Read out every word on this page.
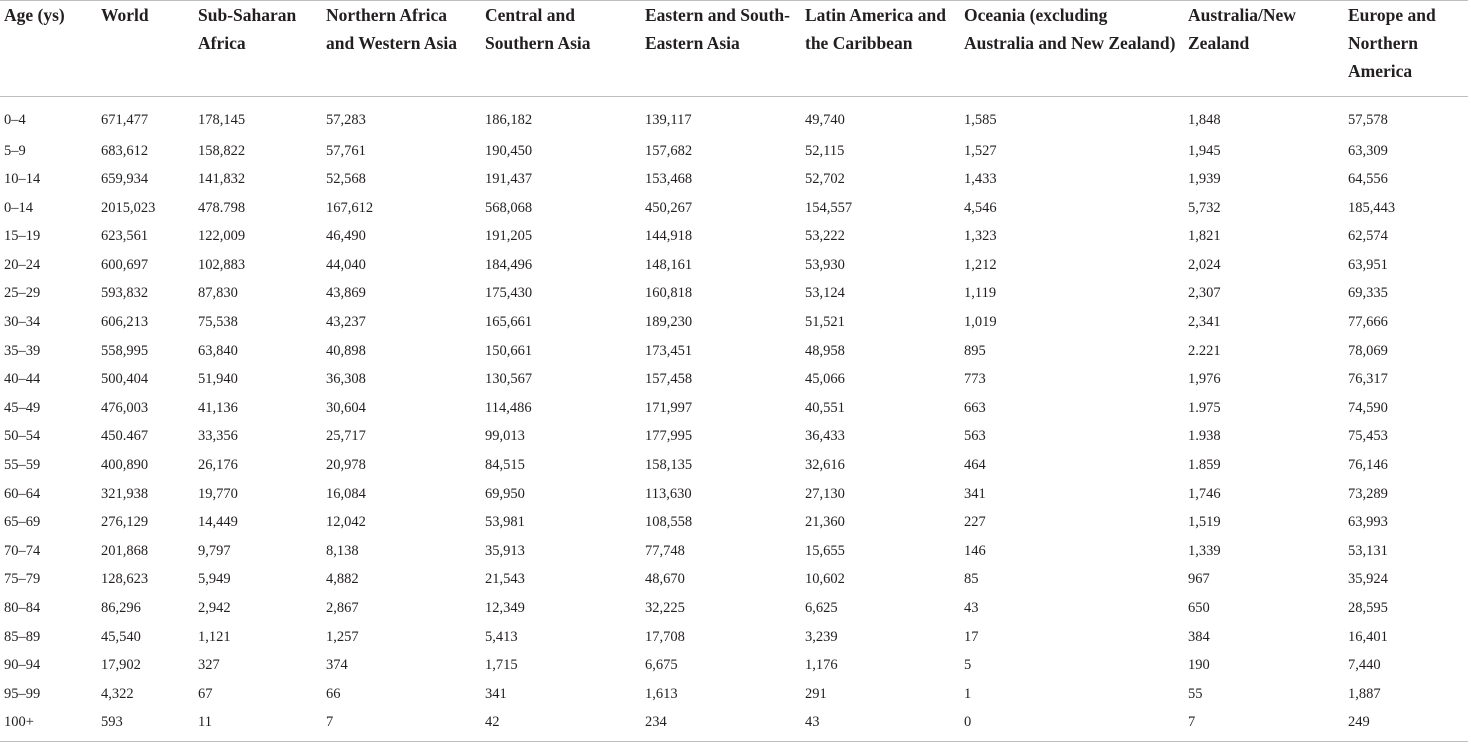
Age (ys)	World	Sub-Saharan Africa	Northern Africa and Western Asia	Central and Southern Asia	Eastern and South-Eastern Asia	Latin America and the Caribbean	Oceania (excluding Australia and New Zealand)	Australia/New Zealand	Europe and Northern America
0–4	671,477	178,145	57,283	186,182	139,117	49,740	1,585	1,848	57,578
5–9	683,612	158,822	57,761	190,450	157,682	52,115	1,527	1,945	63,309
10–14	659,934	141,832	52,568	191,437	153,468	52,702	1,433	1,939	64,556
0–14	2015,023	478.798	167,612	568,068	450,267	154,557	4,546	5,732	185,443
15–19	623,561	122,009	46,490	191,205	144,918	53,222	1,323	1,821	62,574
20–24	600,697	102,883	44,040	184,496	148,161	53,930	1,212	2,024	63,951
25–29	593,832	87,830	43,869	175,430	160,818	53,124	1,119	2,307	69,335
30–34	606,213	75,538	43,237	165,661	189,230	51,521	1,019	2,341	77,666
35–39	558,995	63,840	40,898	150,661	173,451	48,958	895	2.221	78,069
40–44	500,404	51,940	36,308	130,567	157,458	45,066	773	1,976	76,317
45–49	476,003	41,136	30,604	114,486	171,997	40,551	663	1.975	74,590
50–54	450.467	33,356	25,717	99,013	177,995	36,433	563	1.938	75,453
55–59	400,890	26,176	20,978	84,515	158,135	32,616	464	1.859	76,146
60–64	321,938	19,770	16,084	69,950	113,630	27,130	341	1,746	73,289
65–69	276,129	14,449	12,042	53,981	108,558	21,360	227	1,519	63,993
70–74	201,868	9,797	8,138	35,913	77,748	15,655	146	1,339	53,131
75–79	128,623	5,949	4,882	21,543	48,670	10,602	85	967	35,924
80–84	86,296	2,942	2,867	12,349	32,225	6,625	43	650	28,595
85–89	45,540	1,121	1,257	5,413	17,708	3,239	17	384	16,401
90–94	17,902	327	374	1,715	6,675	1,176	5	190	7,440
95–99	4,322	67	66	341	1,613	291	1	55	1,887
100+	593	11	7	42	234	43	0	7	249
